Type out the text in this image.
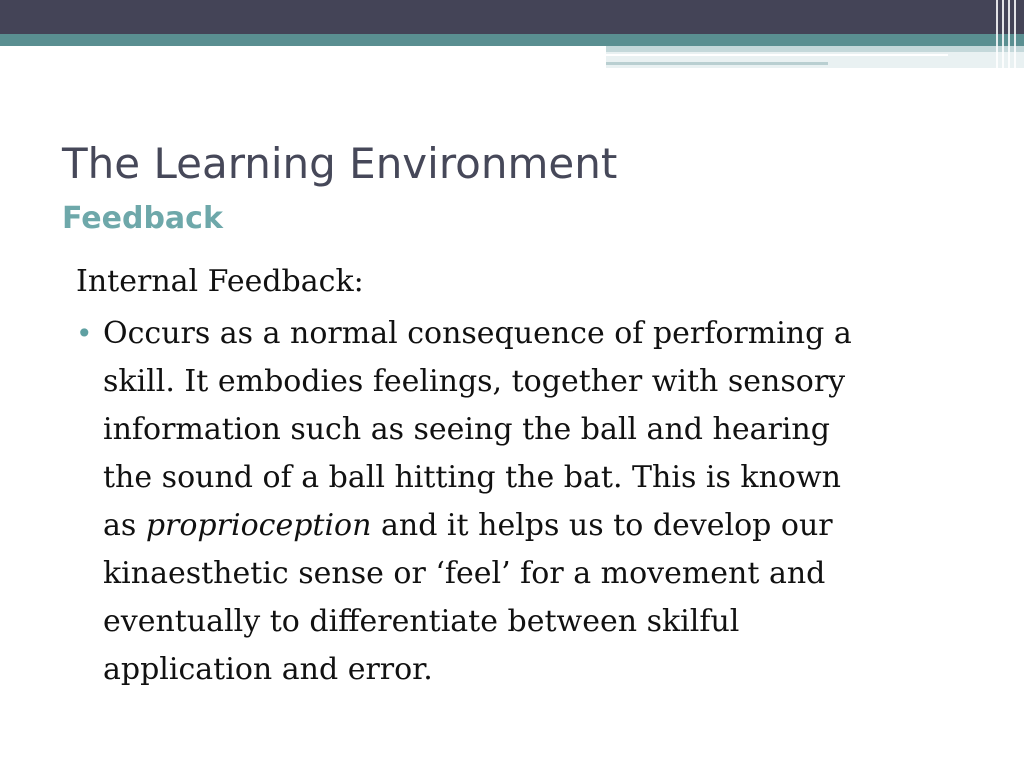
The Learning Environment
Feedback

Internal Feedback:

• Occurs as a normal consequence of performing a
skill. It embodies feelings, together with sensory
information such as seeing the ball and hearing
the sound of a ball hitting the bat. This is known
as proprioception and it helps us to develop our
kinaesthetic sense or ‘feel’ for a movement and
eventually to differentiate between skilful
application and error.
